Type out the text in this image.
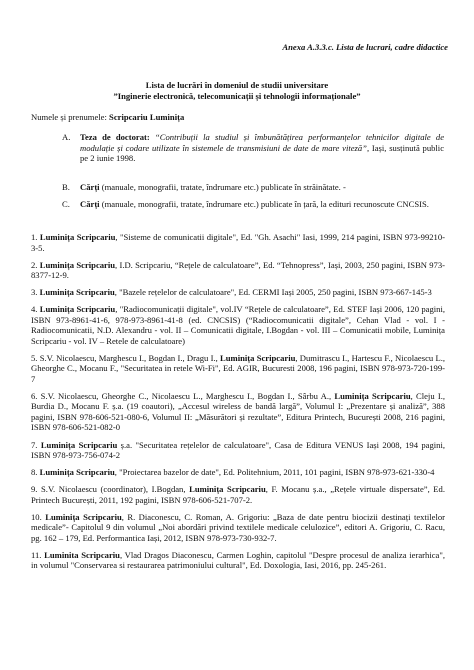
Anexa A.3.3.c. Lista de lucrari, cadre didactice
Lista de lucrări în domeniul de studii universitare
”Inginerie electronică, telecomunicații și tehnologii informaționale”
Numele și prenumele: Scripcariu Luminița
A. Teza de doctorat: “Contribuții la studiul și îmbunătățirea performanțelor tehnicilor digitale de modulație și codare utilizate în sistemele de transmisiuni de date de mare viteză”, Iași, susținută public pe 2 iunie 1998.
B. Cărți (manuale, monografii, tratate, îndrumare etc.) publicate în străinătate. -
C. Cărți (manuale, monografii, tratate, îndrumare etc.) publicate în țară, la edituri recunoscute CNCSIS.
1. Luminița Scripcariu, "Sisteme de comunicatii digitale", Ed. "Gh. Asachi" Iasi, 1999, 214 pagini, ISBN 973-99210-3-5.
2. Luminița Scripcariu, I.D. Scripcariu, “Rețele de calculatoare”, Ed. “Tehnopress”, Iași, 2003, 250 pagini, ISBN 973-8377-12-9.
3. Luminița Scripcariu, "Bazele rețelelor de calculatoare", Ed. CERMI Iași 2005, 250 pagini, ISBN 973-667-145-3
4. Luminița Scripcariu, "Radiocomunicații digitale", vol.IV “Rețele de calculatoare”, Ed. STEF Iași 2006, 120 pagini, ISBN 973-8961-41-6, 978-973-8961-41-8 (ed. CNCSIS) (“Radiocomunicatii digitale”, Cehan Vlad - vol. I - Radiocomunicatii, N.D. Alexandru - vol. II – Comunicatii digitale, I.Bogdan - vol. III – Comunicatii mobile, Luminița Scripcariu - vol. IV – Retele de calculatoare)
5. S.V. Nicolaescu, Marghescu I., Bogdan I., Dragu I., Luminița Scripcariu, Dumitrascu I., Hartescu F., Nicolaescu L., Gheorghe C., Mocanu F., "Securitatea in retele Wi-Fi", Ed. AGIR, Bucuresti 2008, 196 pagini, ISBN 978-973-720-199-7
6. S.V. Nicolaescu, Gheorghe C., Nicolaescu L., Marghescu I., Bogdan I., Sârbu A., Luminița Scripcariu, Cleju I., Burdia D., Mocanu F. ș.a. (19 coautori), „Accesul wireless de bandă largă”, Volumul I: „Prezentare și analiză”, 388 pagini, ISBN 978-606-521-080-6, Volumul II: „Măsurători și rezultate”, Editura Printech, București 2008, 216 pagini, ISBN 978-606-521-082-0
7. Luminița Scripcariu ș.a. "Securitatea rețelelor de calculatoare", Casa de Editura VENUS Iași 2008, 194 pagini, ISBN 978-973-756-074-2
8. Luminița Scripcariu, "Proiectarea bazelor de date", Ed. Politehnium, 2011, 101 pagini, ISBN 978-973-621-330-4
9. S.V. Nicolaescu (coordinator), I.Bogdan, Luminița Scripcariu, F. Mocanu ș.a., „Rețele virtuale dispersate”, Ed. Printech București, 2011, 192 pagini, ISBN 978-606-521-707-2.
10. Luminița Scripcariu, R. Diaconescu, C. Roman, A. Grigoriu: „Baza de date pentru biocizii destinați textilelor medicale”- Capitolul 9 din volumul „Noi abordări privind textilele medicale celulozice”, editori A. Grigoriu, C. Racu, pg. 162 – 179, Ed. Performantica Iași, 2012, ISBN 978-973-730-932-7.
11. Luminita Scripcariu, Vlad Dragos Diaconescu, Carmen Loghin, capitolul "Despre procesul de analiza ierarhica", in volumul "Conservarea si restaurarea patrimoniului cultural", Ed. Doxologia, Iasi, 2016, pp. 245-261.
